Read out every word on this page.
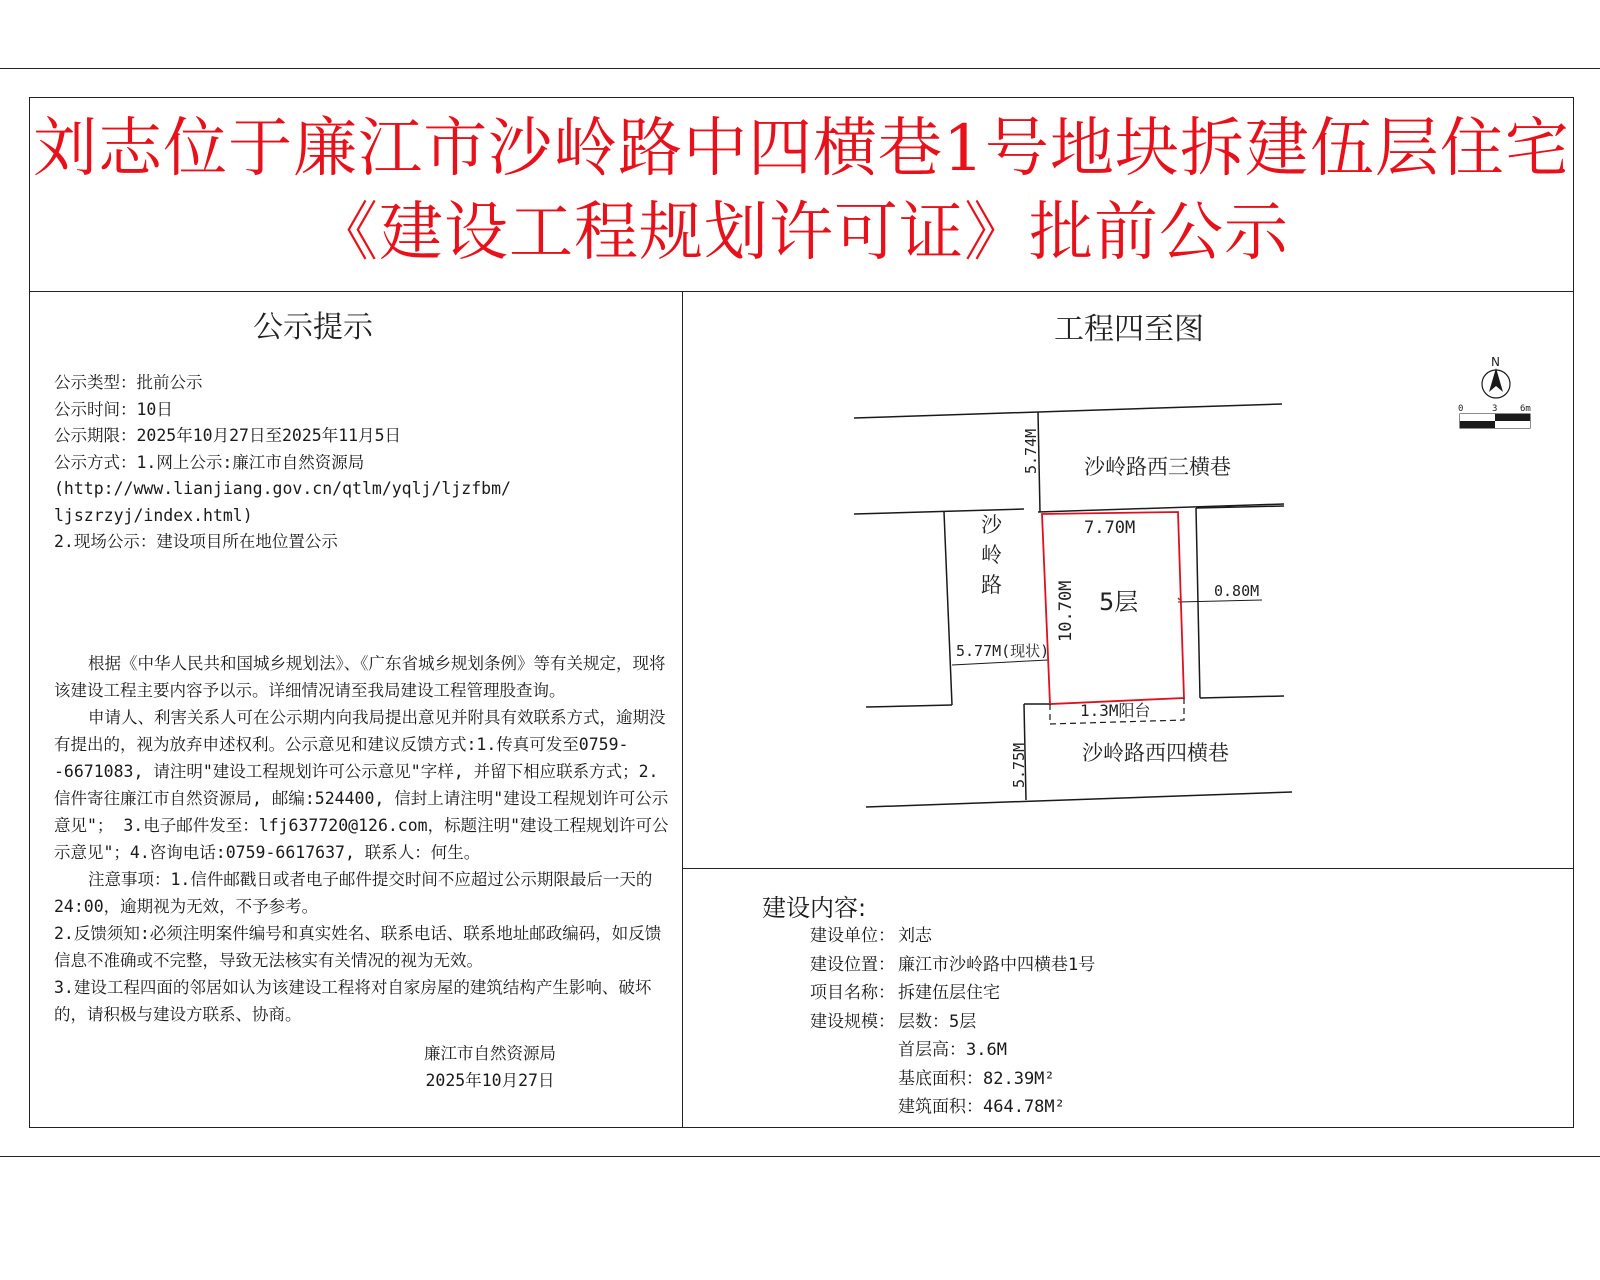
刘志位于廉江市沙岭路中四横巷1号地块拆建伍层住宅
《建设工程规划许可证》批前公示
公示提示
公示类型：批前公示
公示时间：10日
公示期限：2025年10月27日至2025年11月5日
公示方式：1.网上公示:廉江市自然资源局
(http://www.lianjiang.gov.cn/qtlm/yqlj/ljzfbm/
ljszrzyj/index.html)
2.现场公示：建设项目所在地位置公示

根据《中华人民共和国城乡规划法》、《广东省城乡规划条例》等有关规定，现将该建设工程主要内容予以示。详细情况请至我局建设工程管理股查询。

申请人、利害关系人可在公示期内向我局提出意见并附具有效联系方式，逾期没有提出的，视为放弃申述权利。公示意见和建议反馈方式:1.传真可发至0759--6671083, 请注明"建设工程规划许可公示意见"字样, 并留下相应联系方式；2.信件寄往廉江市自然资源局, 邮编:524400, 信封上请注明"建设工程规划许可公示意见"； 3.电子邮件发至：lfj637720@126.com，标题注明"建设工程规划许可公示意见"；4.咨询电话:0759-6617637, 联系人：何生。

注意事项：1.信件邮戳日或者电子邮件提交时间不应超过公示期限最后一天的24:00，逾期视为无效，不予参考。

2.反馈须知:必须注明案件编号和真实姓名、联系电话、联系地址邮政编码，如反馈信息不准确或不完整，导致无法核实有关情况的视为无效。

3.建设工程四面的邻居如认为该建设工程将对自家房屋的建筑结构产生影响、破坏的，请积极与建设方联系、协商。

廉江市自然资源局
2025年10月27日
工程四至图
沙岭路西三横巷
沙岭路西四横巷
沙
岭
路
5层
7.70M
0.80M
5.77M(现状)
1.3M阳台
10.70M
5.74M
5.75M
N
0	3	6m
建设内容:
建设单位： 刘志
建设位置： 廉江市沙岭路中四横巷1号
项目名称： 拆建伍层住宅
建设规模： 层数：5层
首层高：3.6M
基底面积：82.39M²
建筑面积：464.78M²
